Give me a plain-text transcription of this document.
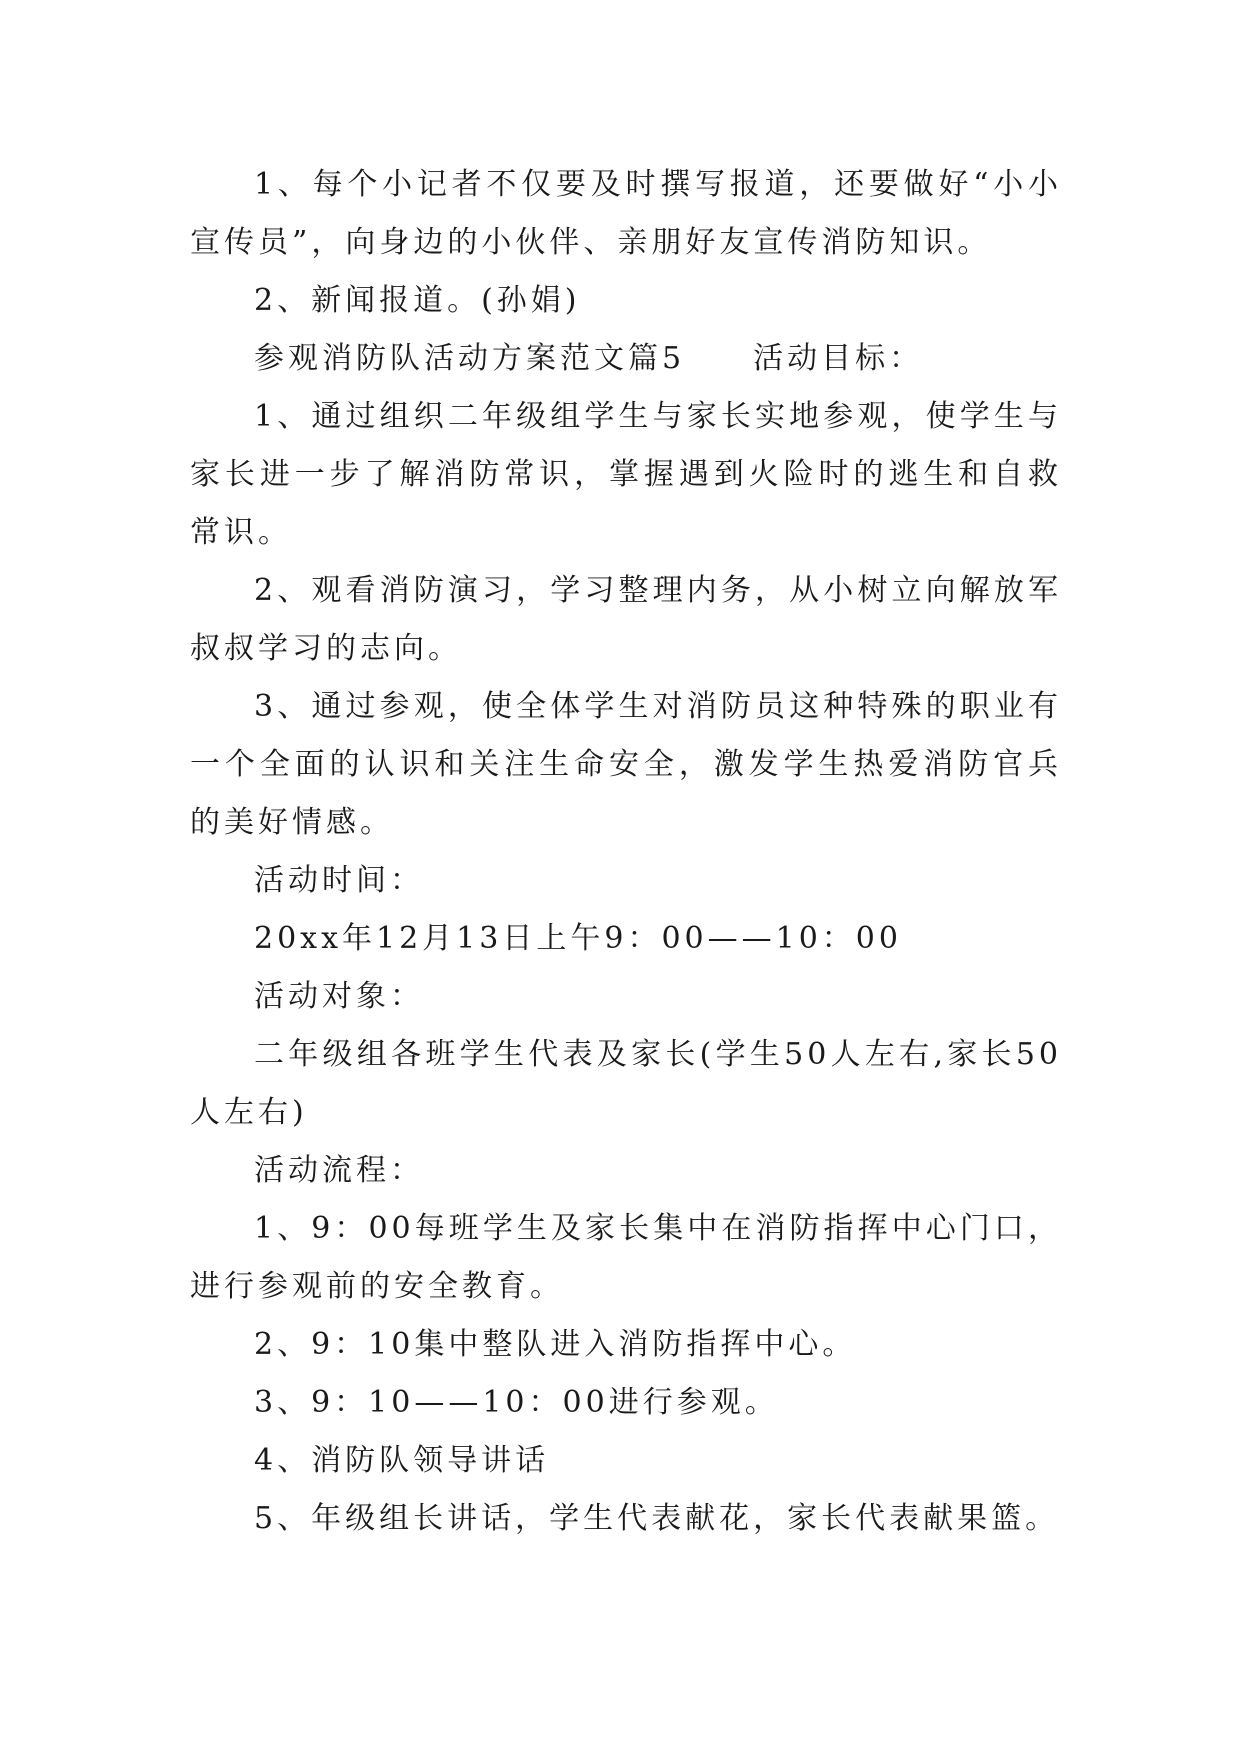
1、每个小记者不仅要及时撰写报道，还要做好“小小宣传员”，向身边的小伙伴、亲朋好友宣传消防知识。

2、新闻报道。(孙娟)

参观消防队活动方案范文篇5　　活动目标：

1、通过组织二年级组学生与家长实地参观，使学生与家长进一步了解消防常识，掌握遇到火险时的逃生和自救常识。

2、观看消防演习，学习整理内务，从小树立向解放军叔叔学习的志向。

3、通过参观，使全体学生对消防员这种特殊的职业有一个全面的认识和关注生命安全，激发学生热爱消防官兵的美好情感。

活动时间：

20xx年12月13日上午9：00——10：00

活动对象：

二年级组各班学生代表及家长(学生50人左右,家长50人左右)

活动流程：

1、9：00每班学生及家长集中在消防指挥中心门口，进行参观前的安全教育。

2、9：10集中整队进入消防指挥中心。

3、9：10——10：00进行参观。

4、消防队领导讲话

5、年级组长讲话，学生代表献花，家长代表献果篮。
